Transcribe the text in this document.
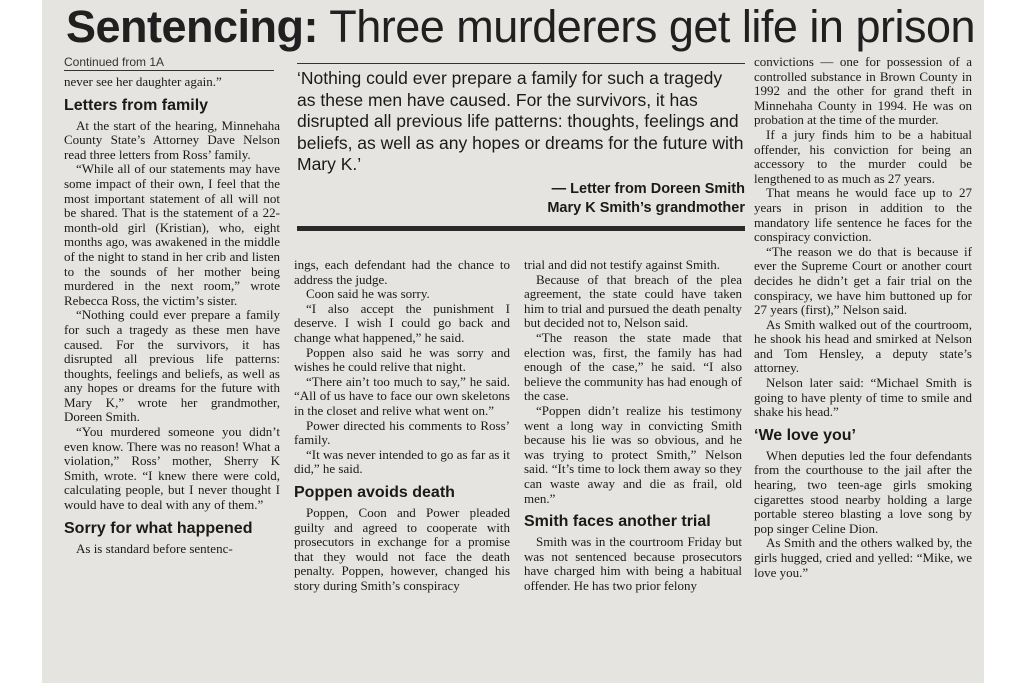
Sentencing: Three murderers get life in prison
Continued from 1A

never see her daughter again.”

Letters from family

At the start of the hearing, Minnehaha County State’s Attorney Dave Nelson read three letters from Ross’ family.

“While all of our statements may have some impact of their own, I feel that the most important statement of all will not be shared. That is the statement of a 22-month-old girl (Kristian), who, eight months ago, was awakened in the middle of the night to stand in her crib and listen to the sounds of her mother being murdered in the next room,” wrote Rebecca Ross, the victim’s sister.

“Nothing could ever prepare a family for such a tragedy as these men have caused. For the survivors, it has disrupted all previous life patterns: thoughts, feelings and beliefs, as well as any hopes or dreams for the future with Mary K,” wrote her grandmother, Doreen Smith.

“You murdered someone you didn’t even know. There was no reason! What a violation,” Ross’ mother, Sherry K Smith, wrote. “I knew there were cold, calculating people, but I never thought I would have to deal with any of them.”

Sorry for what happened

As is standard before sentenc-

‘Nothing could ever prepare a family for such a tragedy as these men have caused. For the survivors, it has disrupted all previous life patterns: thoughts, feelings and beliefs, as well as any hopes or dreams for the future with Mary K.’
— Letter from Doreen Smith
Mary K Smith’s grandmother

ings, each defendant had the chance to address the judge.

Coon said he was sorry.

“I also accept the punishment I deserve. I wish I could go back and change what happened,” he said.

Poppen also said he was sorry and wishes he could relive that night.

“There ain’t too much to say,” he said. “All of us have to face our own skeletons in the closet and relive what went on.”

Power directed his comments to Ross’ family.

“It was never intended to go as far as it did,” he said.

Poppen avoids death

Poppen, Coon and Power pleaded guilty and agreed to cooperate with prosecutors in exchange for a promise that they would not face the death penalty. Poppen, however, changed his story during Smith’s conspiracy

trial and did not testify against Smith.

Because of that breach of the plea agreement, the state could have taken him to trial and pursued the death penalty but decided not to, Nelson said.

“The reason the state made that election was, first, the family has had enough of the case,” he said. “I also believe the community has had enough of the case.

“Poppen didn’t realize his testimony went a long way in convicting Smith because his lie was so obvious, and he was trying to protect Smith,” Nelson said. “It’s time to lock them away so they can waste away and die as frail, old men.”

Smith faces another trial

Smith was in the courtroom Friday but was not sentenced because prosecutors have charged him with being a habitual offender. He has two prior felony

convictions — one for possession of a controlled substance in Brown County in 1992 and the other for grand theft in Minnehaha County in 1994. He was on probation at the time of the murder.

If a jury finds him to be a habitual offender, his conviction for being an accessory to the murder could be lengthened to as much as 27 years.

That means he would face up to 27 years in prison in addition to the mandatory life sentence he faces for the conspiracy conviction.

“The reason we do that is because if ever the Supreme Court or another court decides he didn’t get a fair trial on the conspiracy, we have him buttoned up for 27 years (first),” Nelson said.

As Smith walked out of the courtroom, he shook his head and smirked at Nelson and Tom Hensley, a deputy state’s attorney.

Nelson later said: “Michael Smith is going to have plenty of time to smile and shake his head.”

‘We love you’

When deputies led the four defendants from the courthouse to the jail after the hearing, two teen-age girls smoking cigarettes stood nearby holding a large portable stereo blasting a love song by pop singer Celine Dion.

As Smith and the others walked by, the girls hugged, cried and yelled: “Mike, we love you.”
